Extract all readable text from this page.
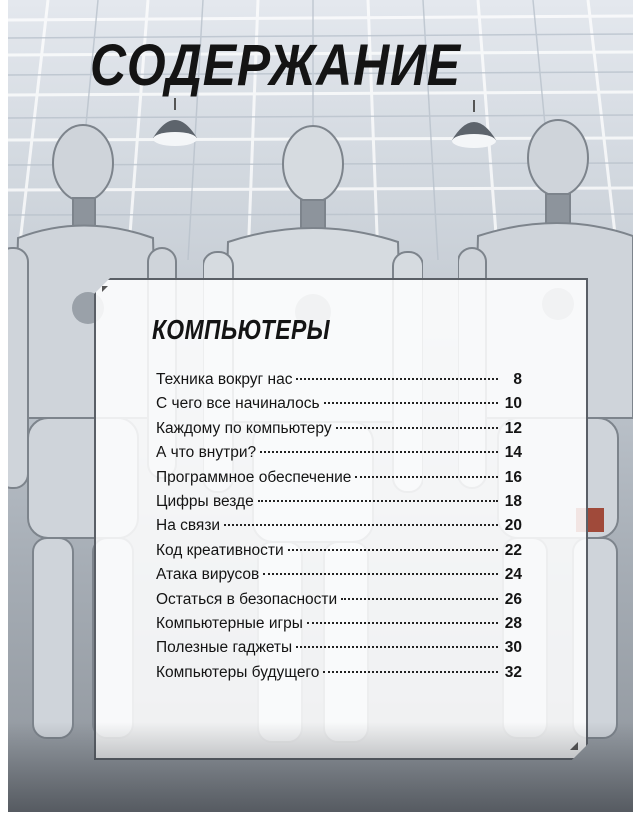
СОДЕРЖАНИЕ
КОМПЬЮТЕРЫ
Техника вокруг нас	8
С чего все начиналось	10
Каждому по компьютеру	12
А что внутри?	14
Программное обеспечение	16
Цифры везде	18
На связи	20
Код креативности	22
Атака вирусов	24
Остаться в безопасности	26
Компьютерные игры	28
Полезные гаджеты	30
Компьютеры будущего	32
